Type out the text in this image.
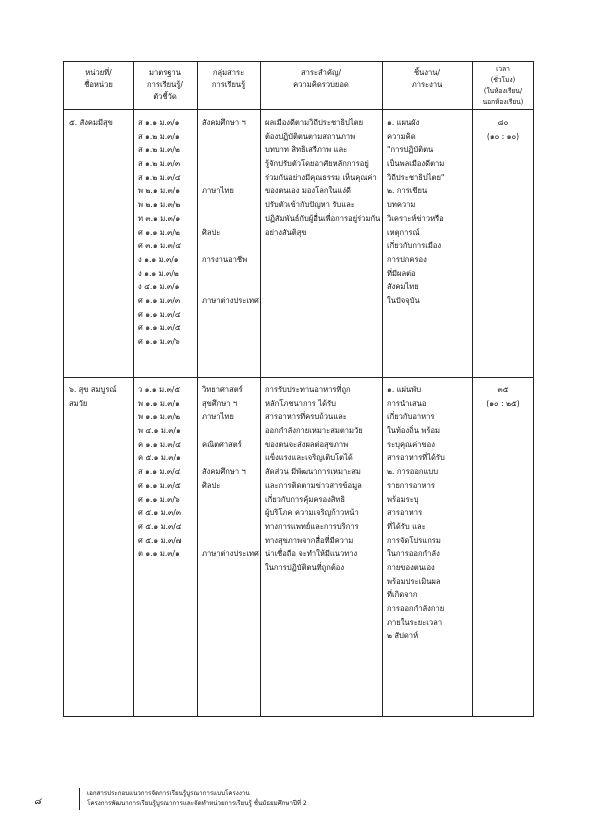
หน่วยที่/
ชื่อหน่วย
มาตรฐาน
การเรียนรู้/
ตัวชี้วัด
กลุ่มสาระ
การเรียนรู้
สาระสำคัญ/
ความคิดรวบยอด
ชิ้นงาน/
ภาระงาน
เวลา
(ชั่วโมง)
(ในห้องเรียน/
นอกห้องเรียน)
๕. สังคมมีสุข	ส ๑.๑ ม.๓/๑
ส ๑.๒ ม.๓/๑
ส ๑.๒ ม.๓/๒
ส ๑.๒ ม.๓/๓
ส ๑.๒ ม.๓/๔
พ ๒.๑ ม.๓/๑
พ ๒.๑ ม.๓/๒
ท ๓.๑ ม.๓/๑
ศ ๑.๑ ม.๓/๒
ศ ๓.๑ ม.๓/๔
ง ๑.๑ ม.๓/๑
ง ๑.๑ ม.๓/๒
ง ๔.๑ ม.๓/๑
ศ ๑.๑ ม.๓/๓
ศ ๑.๑ ม.๓/๔
ศ ๑.๑ ม.๓/๕
ศ ๑.๑ ม.๓/๖
สังคมศึกษา ฯ
ภาษาไทย
ศิลปะ
การงานอาชีพ
ภาษาต่างประเทศ
ผลเมืองดีตามวิถีประชาธิปไตย
ต้องปฏิบัติตนตามสถานภาพ
บทบาท สิทธิเสรีภาพ และ
รู้จักปรับตัวโดยอาศัยหลักการอยู่
ร่วมกันอย่างมีคุณธรรม เห็นคุณค่า
ของตนเอง มองโลกในแง่ดี
ปรับตัวเข้ากับปัญหา รับและ
ปฏิสัมพันธ์กับผู้อื่นเพื่อการอยู่ร่วมกัน
อย่างสันติสุข
๑. แผนผัง
ความคิด
"การปฏิบัติตน
เป็นพลเมืองดีตาม
วิถีประชาธิปไตย"
๒. การเขียน
บทความ
วิเคราะห์ข่าวหรือ
เหตุการณ์
เกี่ยวกับการเมือง
การปกครอง
ที่มีผลต่อ
สังคมไทย
ในปัจจุบัน
๘๐
(๑๐ : ๑๐)
๖. สุข สมบูรณ์
สมวัย
ว ๑.๑ ม.๓/๕
พ ๑.๑ ม.๓/๑
พ ๑.๑ ม.๓/๒
พ ๔.๑ ม.๓/๑
ค ๑.๑ ม.๓/๔
ค ๕.๑ ม.๓/๑
ส ๑.๑ ม.๓/๔
ศ ๑.๑ ม.๓/๕
ศ ๑.๑ ม.๓/๖
ศ ๕.๑ ม.๓/๓
ศ ๕.๑ ม.๓/๔
ศ ๕.๑ ม.๓/๗
ต ๑.๑ ม.๓/๑
วิทยาศาสตร์
สุขศึกษา ฯ
ภาษาไทย
คณิตศาสตร์
สังคมศึกษา ฯ
ศิลปะ
ภาษาต่างประเทศ
การรับประทานอาหารที่ถูก
หลักโภชนาการ ได้รับ
สารอาหารที่ครบถ้วนและ
ออกกำลังกายเหมาะสมตามวัย
ของตนจะส่งผลต่อสุขภาพ
แข็งแรงและเจริญเติบโตได้
สัดส่วน มีพัฒนาการเหมาะสม
และการติดตามข่าวสารข้อมูล
เกี่ยวกับการคุ้มครองสิทธิ
ผู้บริโภค ความเจริญก้าวหน้า
ทางการแพทย์และการบริการ
ทางสุขภาพจากสื่อที่มีความ
น่าเชื่อถือ จะทำให้มีแนวทาง
ในการปฏิบัติตนที่ถูกต้อง
๑. แผ่นพับ
การนำเสนอ
เกี่ยวกับอาหาร
ในท้องถิ่น พร้อม
ระบุคุณค่าของ
สารอาหารที่ได้รับ
๒. การออกแบบ
รายการอาหาร
พร้อมระบุ
สารอาหาร
ที่ได้รับ และ
การจัดโปรแกรม
ในการออกกำลัง
กายของตนเอง
พร้อมประเมินผล
ที่เกิดจาก
การออกกำลังกาย
ภายในระยะเวลา
๒ สัปดาห์
๓๕
(๑๐ : ๒๕)
๘
เอกสารประกอบแนวการจัดการเรียนรู้บูรณาการแบบโครงงาน
โครงการพัฒนาการเรียนรู้บูรณาการและจัดทำหน่วยการเรียนรู้ ชั้นมัธยมศึกษาปีที่ 2
